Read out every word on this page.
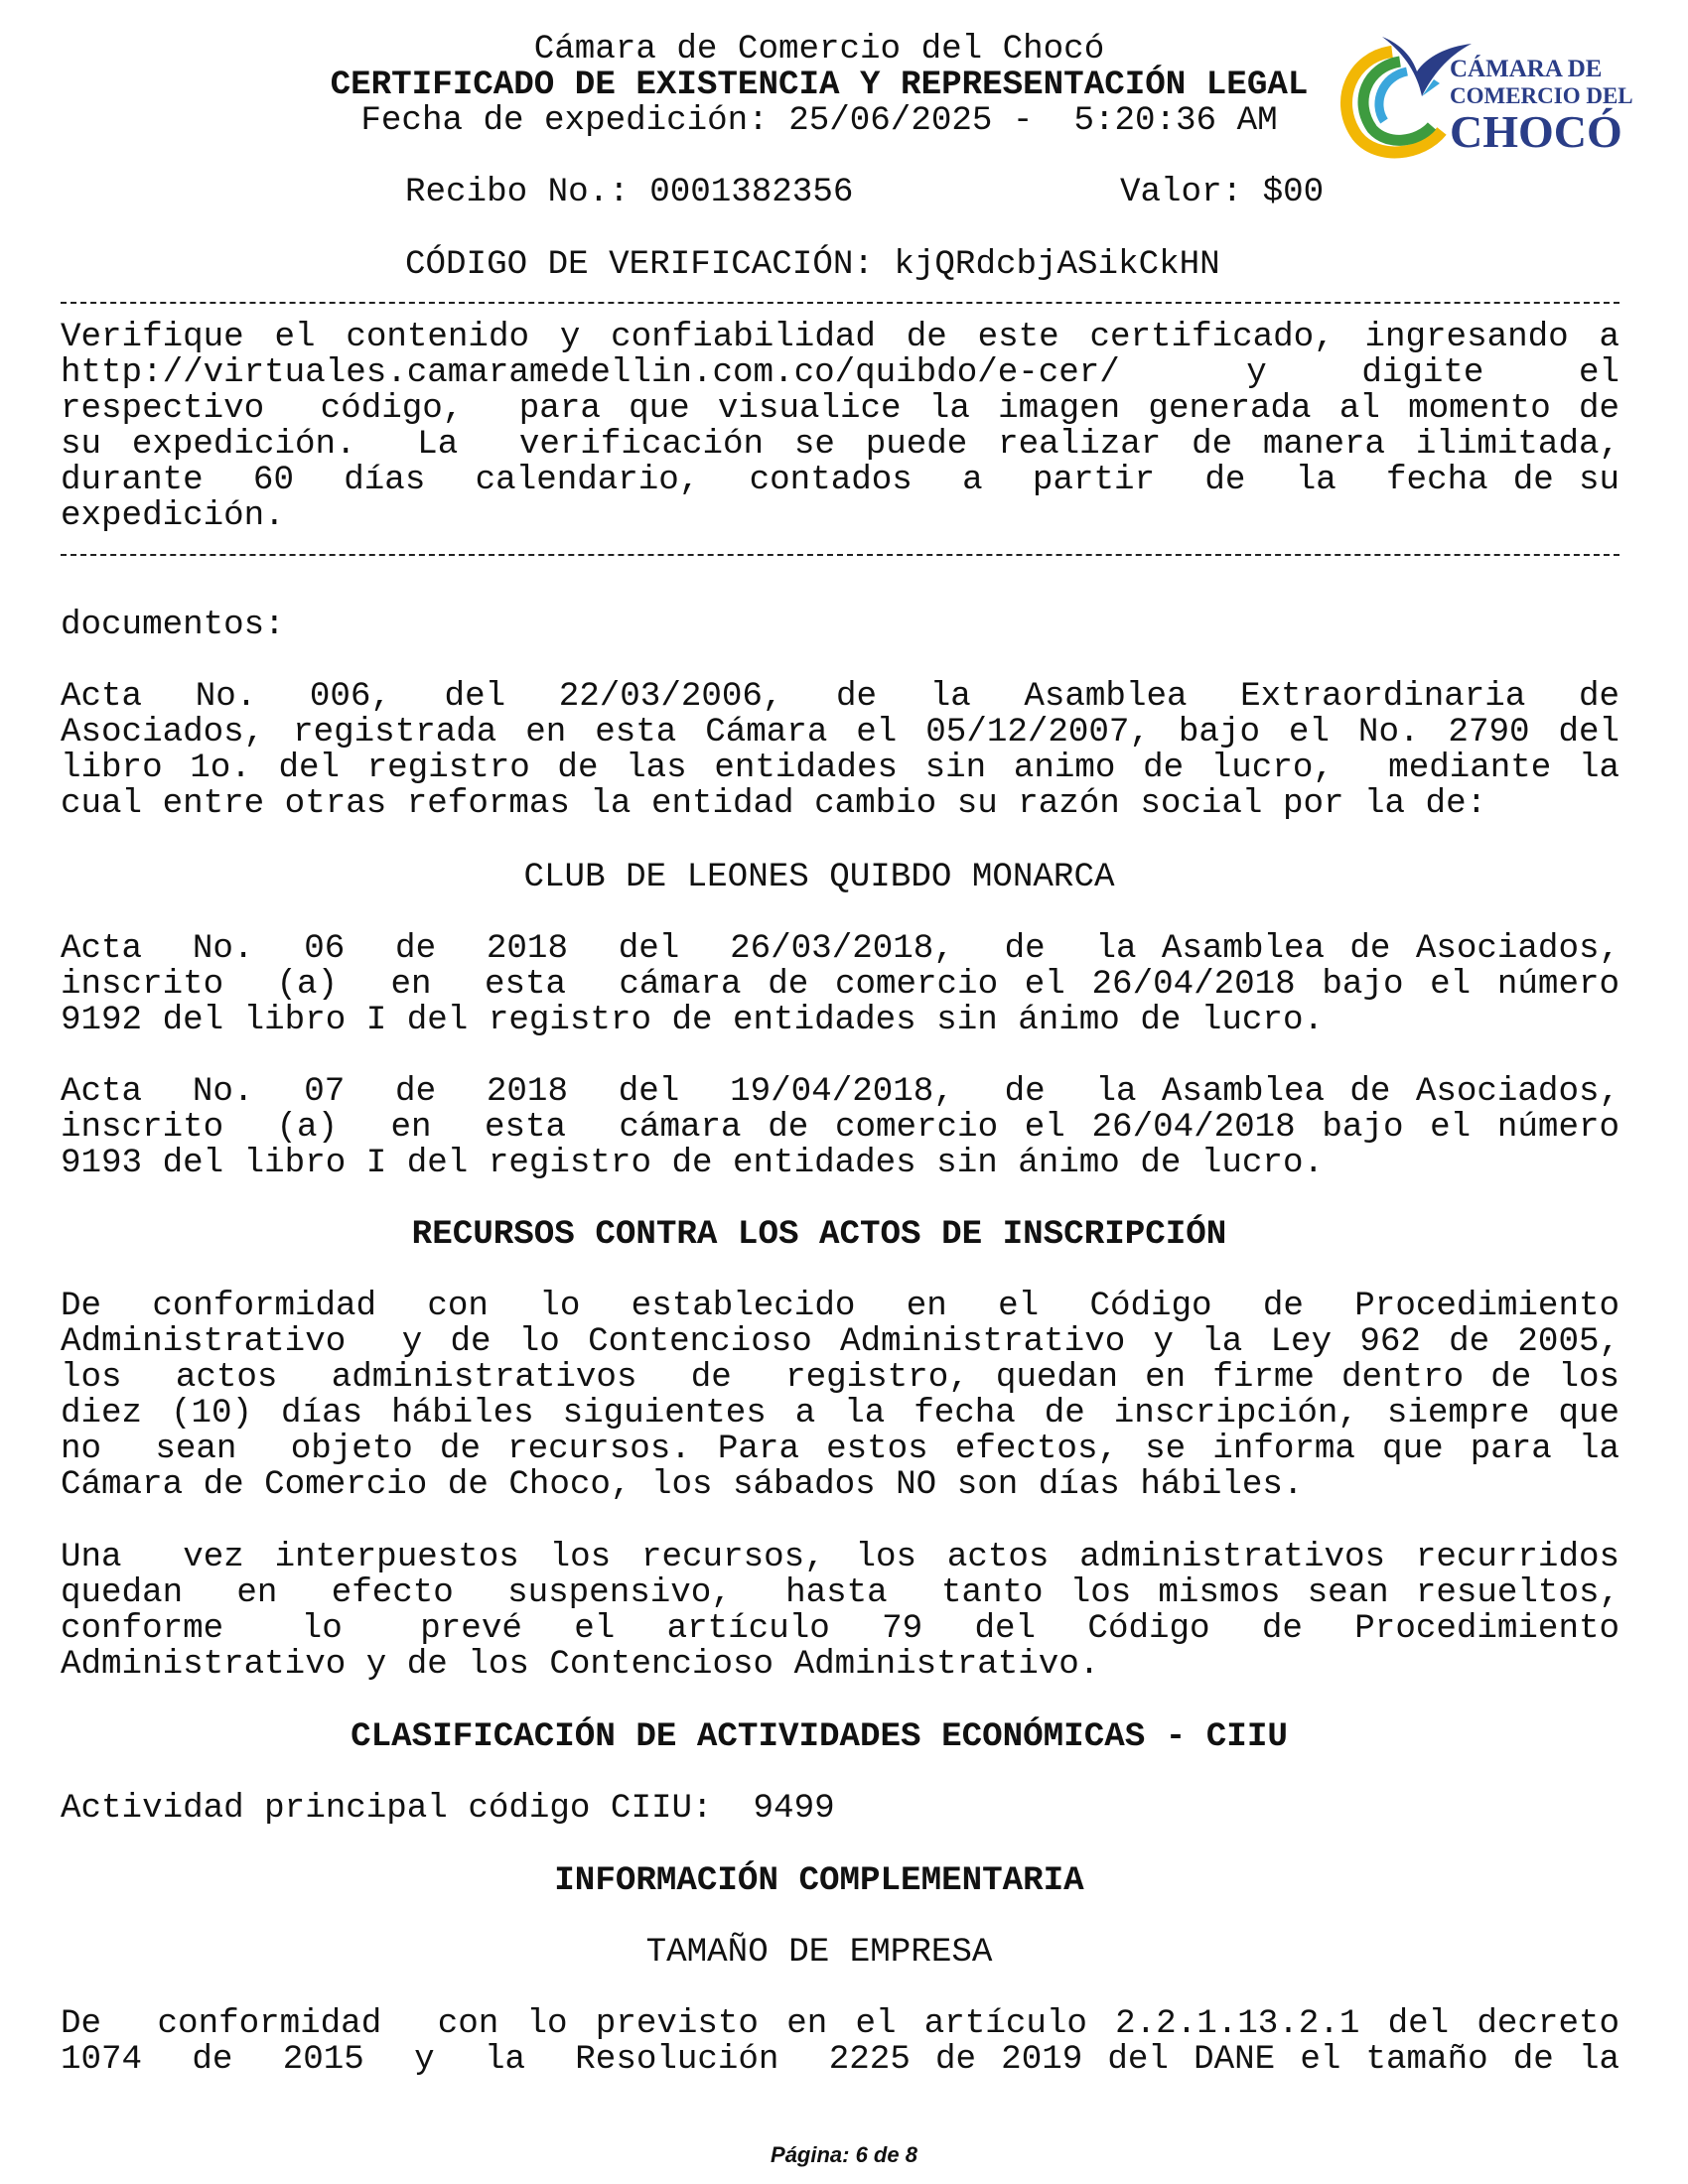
Cámara de Comercio del Chocó
CERTIFICADO DE EXISTENCIA Y REPRESENTACIÓN LEGAL
Fecha de expedición: 25/06/2025 -  5:20:36 AM
Recibo No.: 0001382356	Valor: $00
CÓDIGO DE VERIFICACIÓN: kjQRdcbjASikCkHN
CÁMARA DE
COMERCIO DEL
CHOCÓ
Verifique el contenido y confiabilidad de este certificado, ingresando a
http://virtuales.camaramedellin.com.co/quibdo/e-cer/    y   digite   el
respectivo  código,  para que visualice la imagen generada al momento de
su expedición.  La  verificación se puede realizar de manera ilimitada,
durante  60  días  calendario,  contados  a  partir  de  la  fecha de su
expedición.
documentos:
Acta  No.  006,  del  22/03/2006,  de  la  Asamblea  Extraordinaria  de
Asociados, registrada en esta Cámara el 05/12/2007, bajo el No. 2790 del
libro 1o. del registro de las entidades sin animo de lucro,  mediante la
cual entre otras reformas la entidad cambio su razón social por la de:
CLUB DE LEONES QUIBDO MONARCA
Acta  No.  06  de  2018  del  26/03/2018,  de  la Asamblea de Asociados,
inscrito  (a)  en  esta  cámara de comercio el 26/04/2018 bajo el número
9192 del libro I del registro de entidades sin ánimo de lucro.
Acta  No.  07  de  2018  del  19/04/2018,  de  la Asamblea de Asociados,
inscrito  (a)  en  esta  cámara de comercio el 26/04/2018 bajo el número
9193 del libro I del registro de entidades sin ánimo de lucro.
RECURSOS CONTRA LOS ACTOS DE INSCRIPCIÓN
De  conformidad  con  lo  establecido  en  el  Código  de  Procedimiento
Administrativo  y de lo Contencioso Administrativo y la Ley 962 de 2005,
los  actos  administrativos  de  registro, quedan en firme dentro de los
diez (10) días hábiles siguientes a la fecha de inscripción, siempre que
no  sean  objeto de recursos. Para estos efectos, se informa que para la
Cámara de Comercio de Choco, los sábados NO son días hábiles.
Una  vez interpuestos los recursos, los actos administrativos recurridos
quedan  en  efecto  suspensivo,  hasta  tanto los mismos sean resueltos,
conforme   lo   prevé  el  artículo  79  del  Código  de  Procedimiento
Administrativo y de los Contencioso Administrativo.
CLASIFICACIÓN DE ACTIVIDADES ECONÓMICAS - CIIU
Actividad principal código CIIU:  9499
INFORMACIÓN COMPLEMENTARIA
TAMAÑO DE EMPRESA
De  conformidad  con lo previsto en el artículo 2.2.1.13.2.1 del decreto
1074  de  2015  y  la  Resolución  2225 de 2019 del DANE el tamaño de la
Página: 6 de 8
